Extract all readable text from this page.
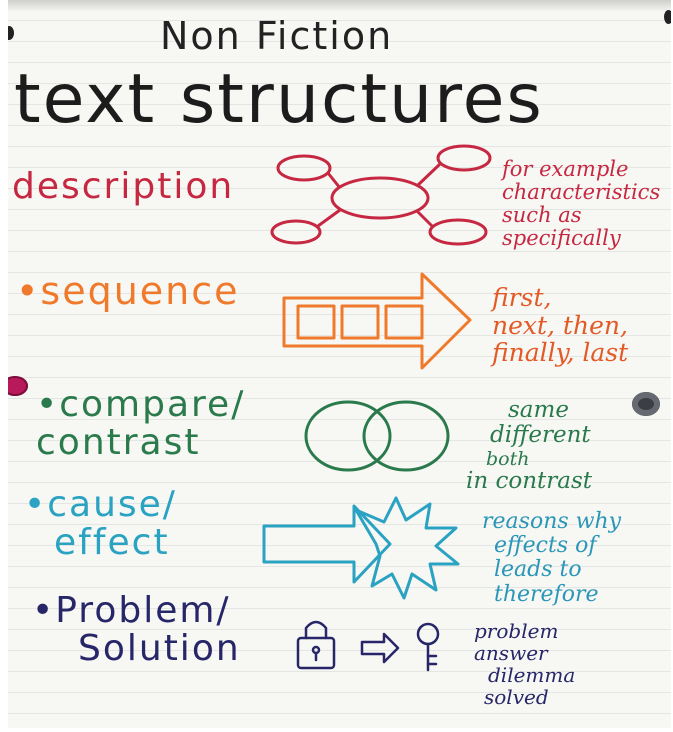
Non Fiction
text structures
description	for example
characteristics
such as
specifically
•sequence	first,
next, then,
finally, last
•compare/
contrast
same
different
both
in contrast
•cause/
effect
reasons why
effects of
leads to
therefore
•Problem/
Solution	problem
answer
dilemma
solved
